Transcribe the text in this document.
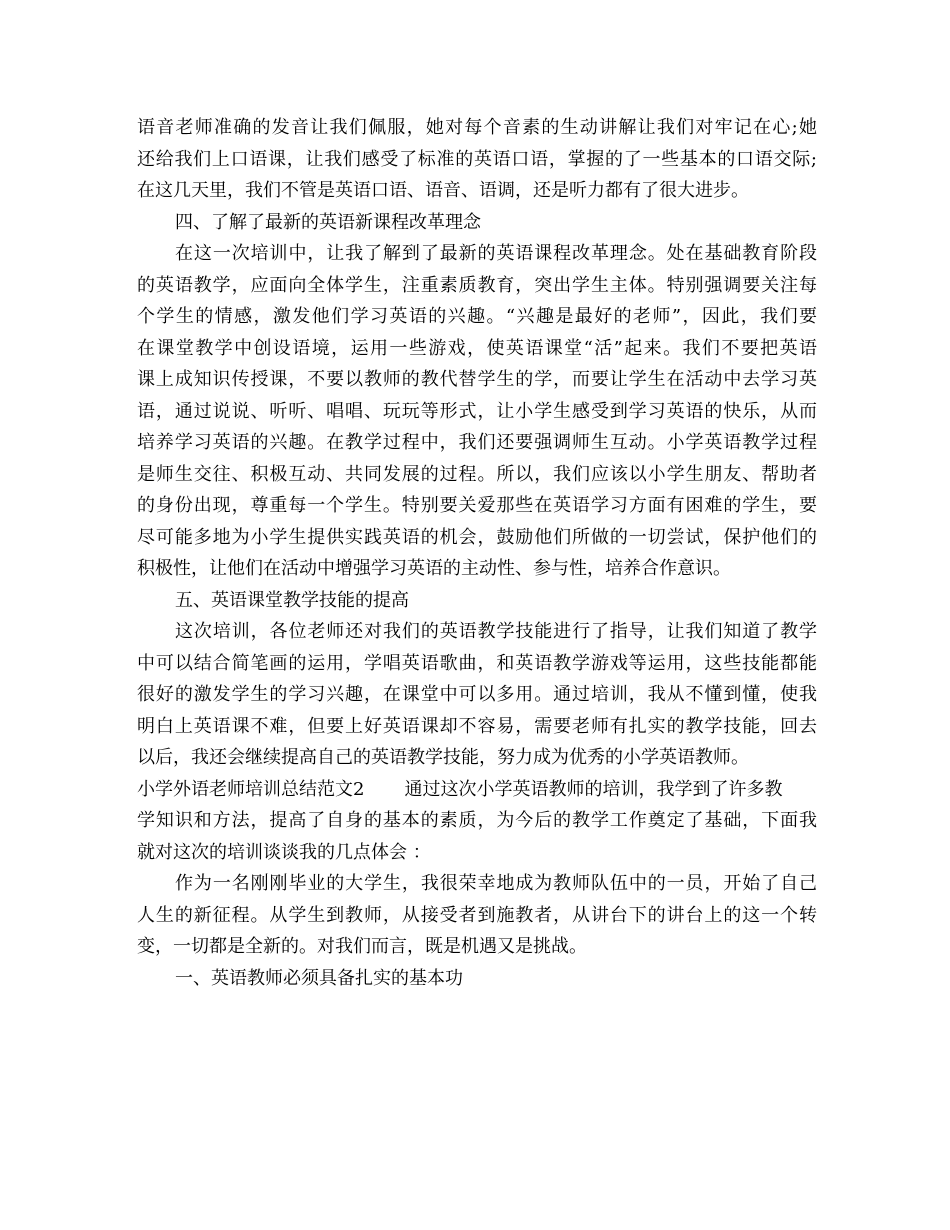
语音老师准确的发音让我们佩服，她对每个音素的生动讲解让我们对牢记在心;她
还给我们上口语课，让我们感受了标准的英语口语，掌握的了一些基本的口语交际;
在这几天里，我们不管是英语口语、语音、语调，还是听力都有了很大进步。
四、了解了最新的英语新课程改革理念
在这一次培训中，让我了解到了最新的英语课程改革理念。处在基础教育阶段
的英语教学，应面向全体学生，注重素质教育，突出学生主体。特别强调要关注每
个学生的情感，激发他们学习英语的兴趣。“兴趣是最好的老师”，因此，我们要
在课堂教学中创设语境，运用一些游戏，使英语课堂“活”起来。我们不要把英语
课上成知识传授课，不要以教师的教代替学生的学，而要让学生在活动中去学习英
语，通过说说、听听、唱唱、玩玩等形式，让小学生感受到学习英语的快乐，从而
培养学习英语的兴趣。在教学过程中，我们还要强调师生互动。小学英语教学过程
是师生交往、积极互动、共同发展的过程。所以，我们应该以小学生朋友、帮助者
的身份出现，尊重每一个学生。特别要关爱那些在英语学习方面有困难的学生，要
尽可能多地为小学生提供实践英语的机会，鼓励他们所做的一切尝试，保护他们的
积极性，让他们在活动中增强学习英语的主动性、参与性，培养合作意识。
五、英语课堂教学技能的提高
这次培训，各位老师还对我们的英语教学技能进行了指导，让我们知道了教学
中可以结合简笔画的运用，学唱英语歌曲，和英语教学游戏等运用，这些技能都能
很好的激发学生的学习兴趣，在课堂中可以多用。通过培训，我从不懂到懂，使我
明白上英语课不难，但要上好英语课却不容易，需要老师有扎实的教学技能，回去
以后，我还会继续提高自己的英语教学技能，努力成为优秀的小学英语教师。
小学外语老师培训总结范文2 通过这次小学英语教师的培训，我学到了许多教
学知识和方法，提高了自身的基本的素质，为今后的教学工作奠定了基础，下面我
就对这次的培训谈谈我的几点体会 ：
作为一名刚刚毕业的大学生，我很荣幸地成为教师队伍中的一员，开始了自己
人生的新征程。从学生到教师，从接受者到施教者，从讲台下的讲台上的这一个转
变，一切都是全新的。对我们而言，既是机遇又是挑战。
一、英语教师必须具备扎实的基本功
